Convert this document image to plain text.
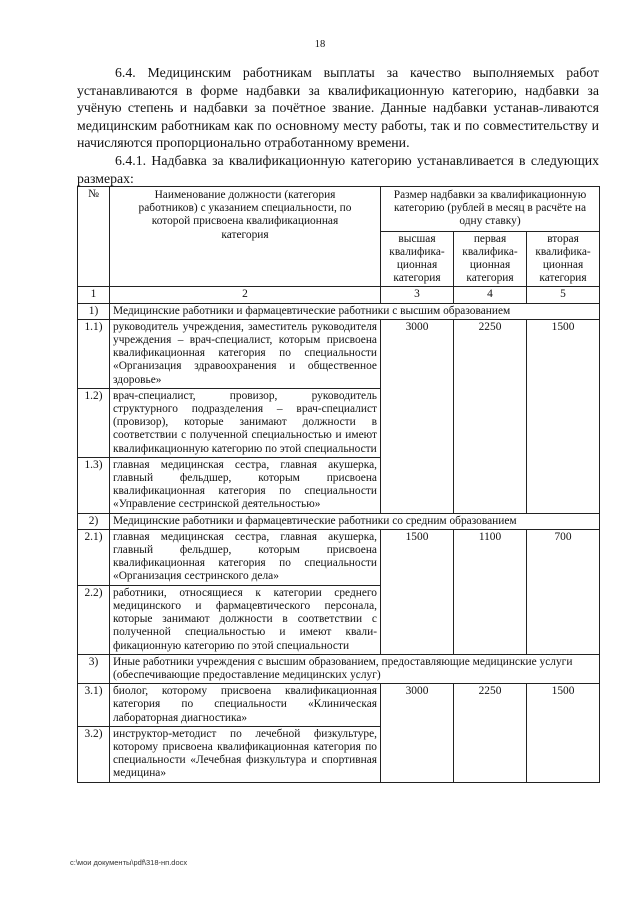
18

6.4. Медицинским работникам выплаты за качество выполняемых работ устанавливаются в форме надбавки за квалификационную категорию, надбавки за учёную степень и надбавки за почётное звание. Данные надбавки устанав-ливаются медицинским работникам как по основному месту работы, так и по совместительству и начисляются пропорционально отработанному времени.

6.4.1. Надбавка за квалификационную категорию устанавливается в следующих размерах:

№	Наименование должности (категория работников) с указанием специальности, по которой присвоена квалификационная категория	Размер надбавки за квалификационную категорию (рублей в месяц в расчёте на одну ставку)		
		высшая квалифика-ционная категория	первая квалифика-ционная категория	вторая квалифика-ционная категория
1	2	3	4	5
1)	Медицинские работники и фармацевтические работники с высшим образованием			
1.1)	руководитель учреждения, заместитель руководителя учреждения – врач-специалист, которым присвоена квалификационная категория по специальности «Организация здравоохранения и общественное здоровье»	3000	2250	1500
1.2)	врач-специалист, провизор, руководитель структурного подразделения – врач-специалист (провизор), которые занимают должности в соответствии с полученной специальностью и имеют квалификационную категорию по этой специальности			
1.3)	главная медицинская сестра, главная акушерка, главный фельдшер, которым присвоена квалификационная категория по специальности «Управление сестринской деятельностью»			
2)	Медицинские работники и фармацевтические работники со средним образованием			
2.1)	главная медицинская сестра, главная акушерка, главный фельдшер, которым присвоена квалификационная категория по специальности «Организация сестринского дела»	1500	1100	700
2.2)	работники, относящиеся к категории среднего медицинского и фармацевтического персонала, которые занимают должности в соответствии с полученной специальностью и имеют квали-фикационную категорию по этой специальности			
3)	Иные работники учреждения с высшим образованием, предоставляющие медицинские услуги (обеспечивающие предоставление медицинских услуг)			
3.1)	биолог, которому присвоена квалификационная категория по специальности «Клиническая лабораторная диагностика»	3000	2250	1500
3.2)	инструктор-методист по лечебной физкультуре, которому присвоена квалификационная категория по специальности «Лечебная физкультура и спортивная медицина»			
c:\мои документы\pdf\318-нп.docx
